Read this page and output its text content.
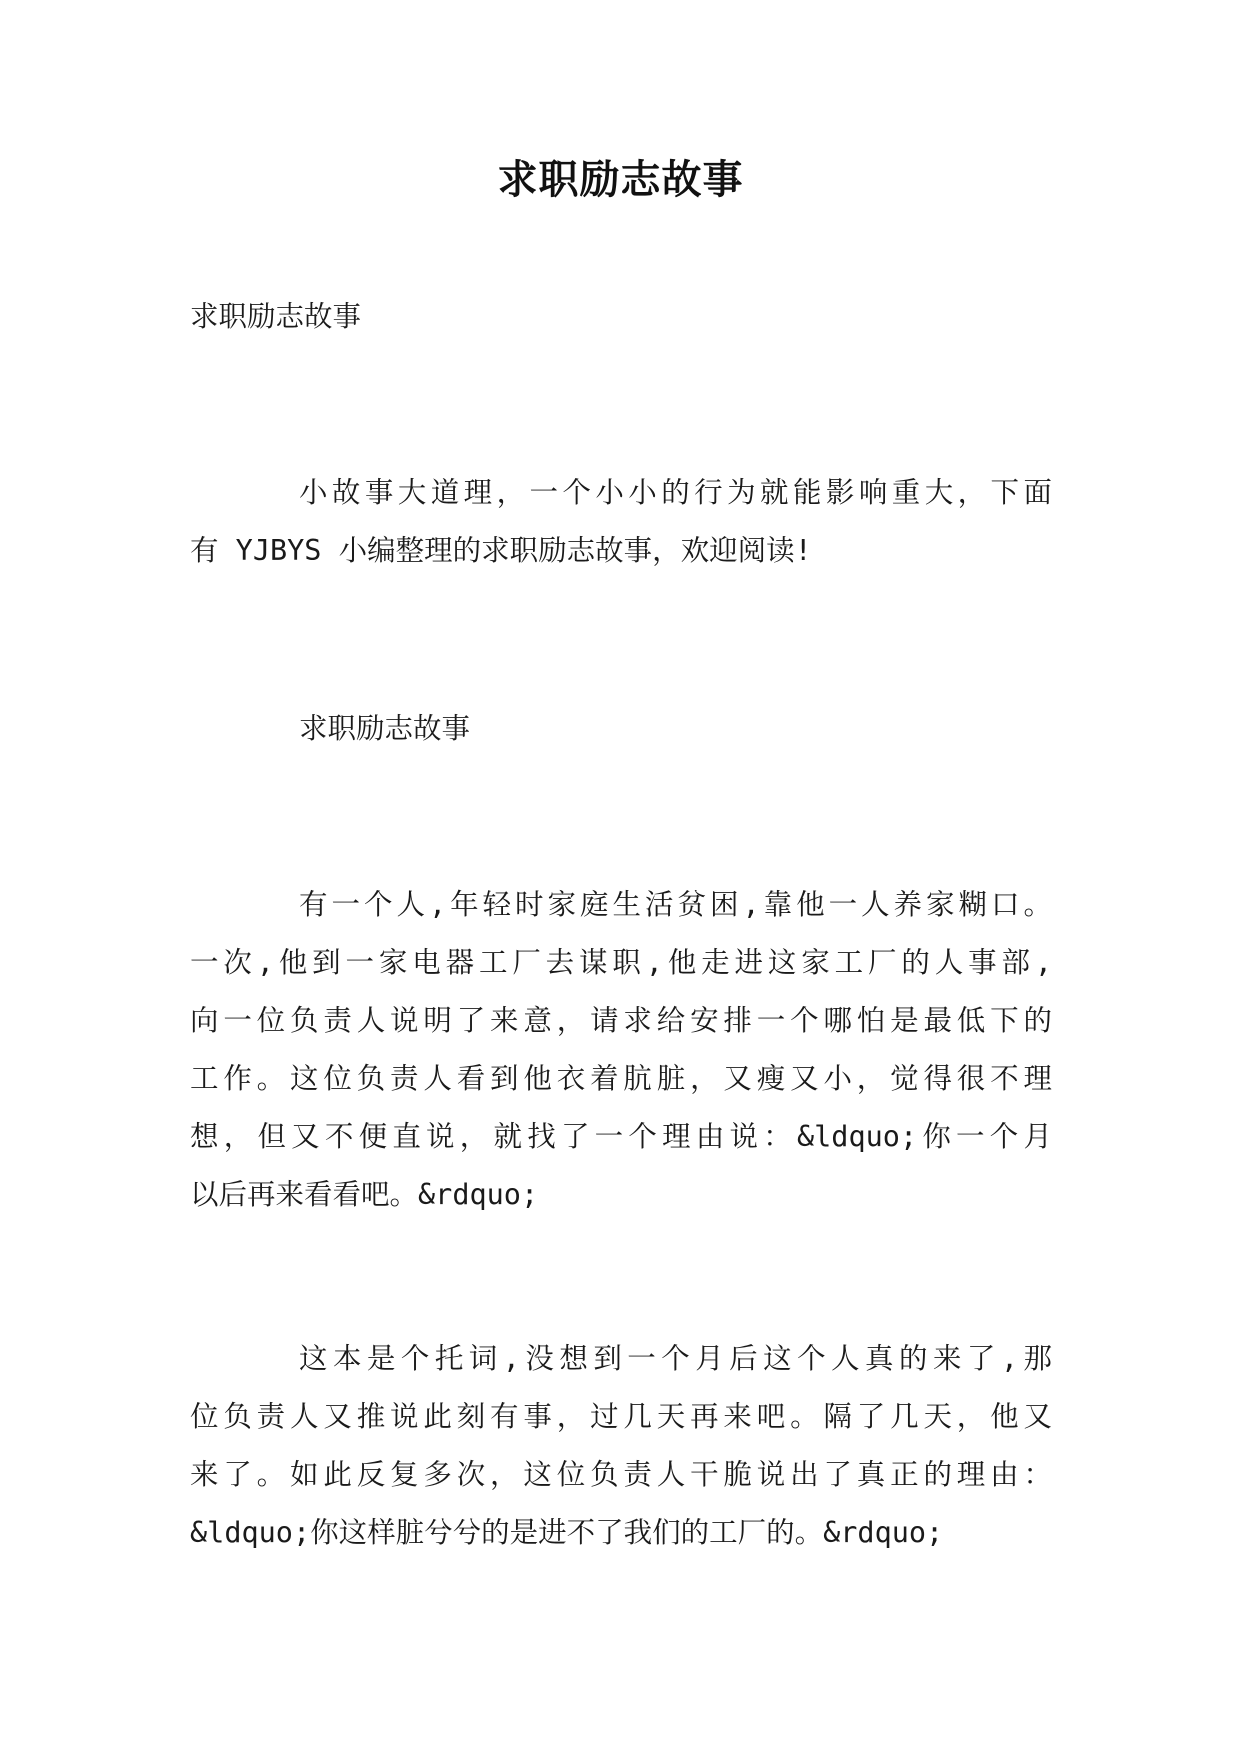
求职励志故事

求职励志故事

小故事大道理，一个小小的行为就能影响重大，下面
有 YJBYS 小编整理的求职励志故事，欢迎阅读!

求职励志故事

有一个人,年轻时家庭生活贫困,靠他一人养家糊口。
一次,他到一家电器工厂去谋职,他走进这家工厂的人事部,
向一位负责人说明了来意，请求给安排一个哪怕是最低下的
工作。这位负责人看到他衣着肮脏，又瘦又小，觉得很不理
想，但又不便直说，就找了一个理由说：&ldquo;你一个月
以后再来看看吧。&rdquo;
这本是个托词,没想到一个月后这个人真的来了,那
位负责人又推说此刻有事，过几天再来吧。隔了几天，他又
来了。如此反复多次，这位负责人干脆说出了真正的理由：
&ldquo;你这样脏兮兮的是进不了我们的工厂的。&rdquo;
